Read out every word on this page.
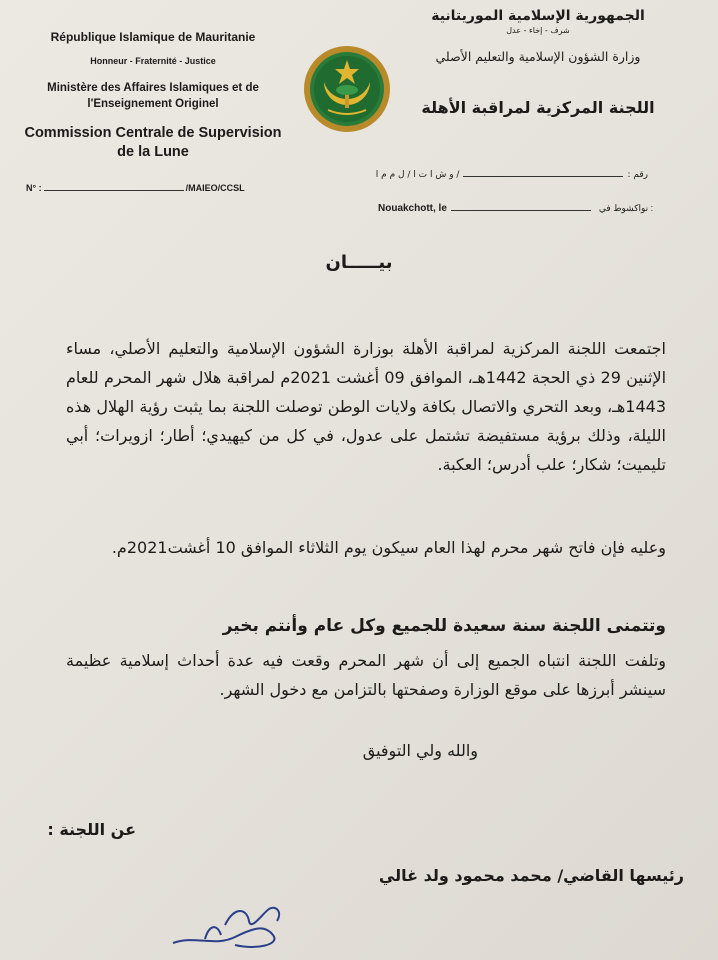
République Islamique de Mauritanie
Honneur - Fraternité - Justice
Ministère des Affaires Islamiques et de l'Enseignement Originel
Commission Centrale de Supervision de la Lune
الجمهورية الإسلامية الموريتانية
شرف - إخاء - عدل
وزارة الشؤون الإسلامية والتعليم الأصلي
اللجنة المركزية لمراقبة الأهلة
N° :	/MAIEO/CCSL
رقم :/ و ش ا ت ا / ل م م ا
Nouakchott, le	نواكشوط في :
بيـــــان
اجتمعت اللجنة المركزية لمراقبة الأهلة بوزارة الشؤون الإسلامية والتعليم الأصلي، مساء الإثنين 29 ذي الحجة 1442هـ، الموافق 09 أغشت 2021م لمراقبة هلال شهر المحرم للعام 1443هـ، وبعد التحري والاتصال بكافة ولايات الوطن توصلت اللجنة بما يثبت رؤية الهلال هذه الليلة، وذلك برؤية مستفيضة تشتمل على عدول، في كل من كيهيدي؛ أطار؛ ازويرات؛ أبي تليميت؛ شكار؛ علب أدرس؛ العكبة.
وعليه فإن فاتح شهر محرم لهذا العام سيكون يوم الثلاثاء الموافق 10 أغشت2021م.
وتتمنى اللجنة سنة سعيدة للجميع وكل عام وأنتم بخير
وتلفت اللجنة انتباه الجميع إلى أن شهر المحرم وقعت فيه عدة أحداث إسلامية عظيمة سينشر أبرزها على موقع الوزارة وصفحتها بالتزامن مع دخول الشهر.
والله ولي التوفيق
عن اللجنة :
رئيسها القاضي/ محمد محمود ولد غالي
